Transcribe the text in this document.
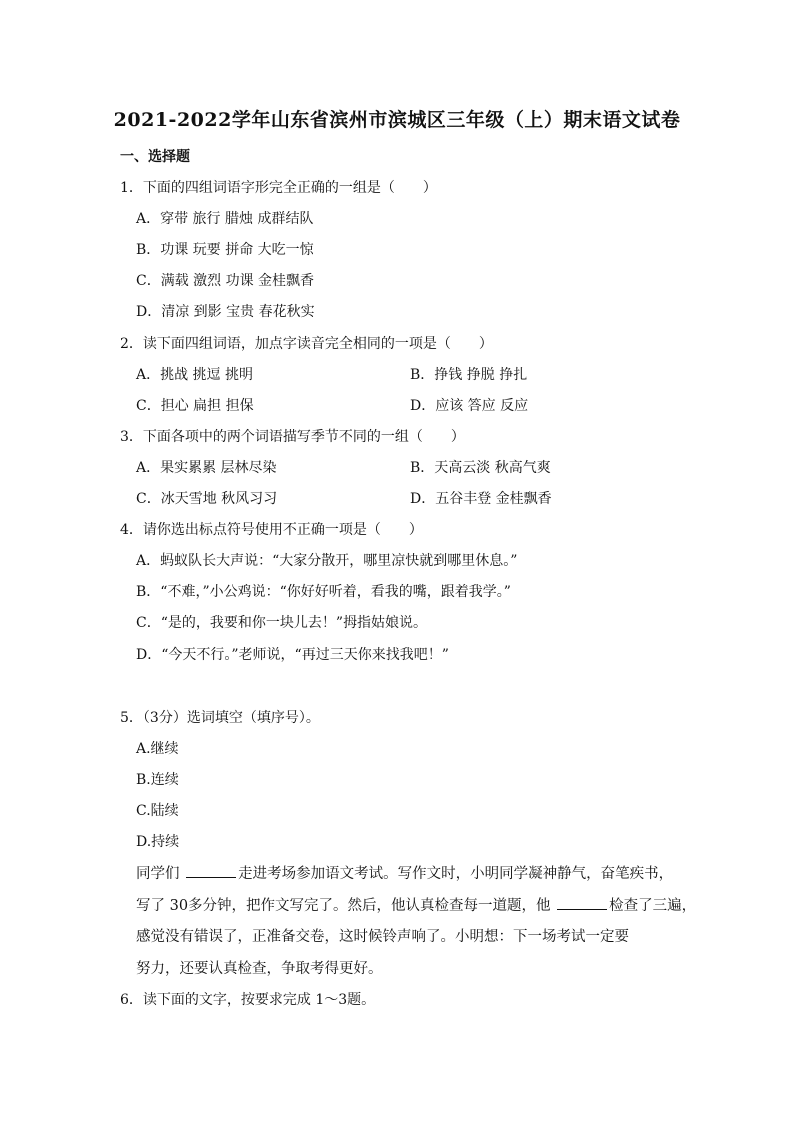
2021-2022学年山东省滨州市滨城区三年级（上）期末语文试卷
一、选择题
1．下面的四组词语字形完全正确的一组是（　　）
A．穿带 旅行 腊烛 成群结队
B．功课 玩要 拼命 大吃一惊
C．满载 激烈 功课 金桂飘香
D．清凉 到影 宝贵 春花秋实
2．读下面四组词语，加点字读音完全相同的一项是（　　）
A．挑战 挑逗 挑明	B．挣钱 挣脱 挣扎
C．担心 扁担 担保	D．应该 答应 反应
3．下面各项中的两个词语描写季节不同的一组（　　）
A．果实累累 层林尽染	B．天高云淡 秋高气爽
C．冰天雪地 秋风习习	D．五谷丰登 金桂飘香
4．请你选出标点符号使用不正确一项是（　　）
A．蚂蚁队长大声说：“大家分散开，哪里凉快就到哪里休息。”
B．“不难，”小公鸡说：“你好好听着，看我的嘴，跟着我学。”
C．“是的，我要和你一块儿去！”拇指姑娘说。
D．“今天不行。”老师说，“再过三天你来找我吧！”
5．（3分）选词填空（填序号）。
A.继续
B.连续
C.陆续
D.持续
同学们	走进考场参加语文考试。写作文时，小明同学凝神静气，奋笔疾书，
写了 30多分钟，把作文写完了。然后，他认真检查每一道题，他	检查了三遍，
感觉没有错误了，正准备交卷，这时候铃声响了。小明想：下一场考试一定要
努力，还要认真检查，争取考得更好。
6．读下面的文字，按要求完成 1～3题。
